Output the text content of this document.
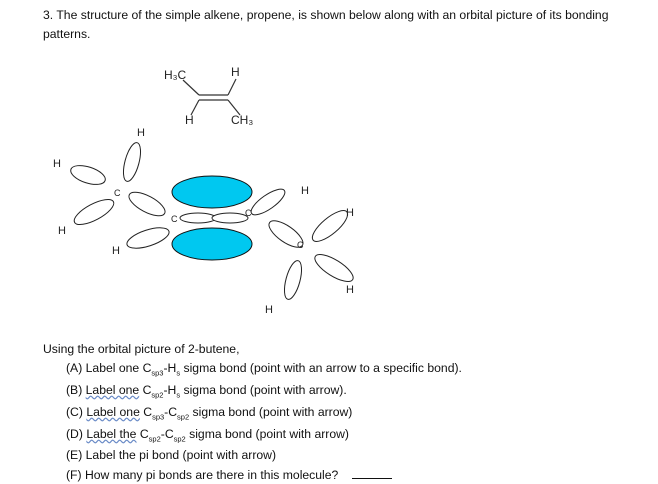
3. The structure of the simple alkene, propene, is shown below along with an orbital picture of its bonding patterns.
H₃C	H
H	CH₃
H
H
H
H
H
H
H
H
C
C
C
C
Using the orbital picture of 2-butene,
(A) Label one $C_{sp3}-H_s$ sigma bond (point with an arrow to a specific bond).
(B) Label one $C_{sp2}-H_s$ sigma bond (point with arrow).
(C) Label one $C_{sp3}-C_{sp2}$ sigma bond (point with arrow)
(D) Label the $C_{sp2}-C_{sp2}$ sigma bond (point with arrow)
(E) Label the pi bond (point with arrow)
(F) How many pi bonds are there in this molecule?
